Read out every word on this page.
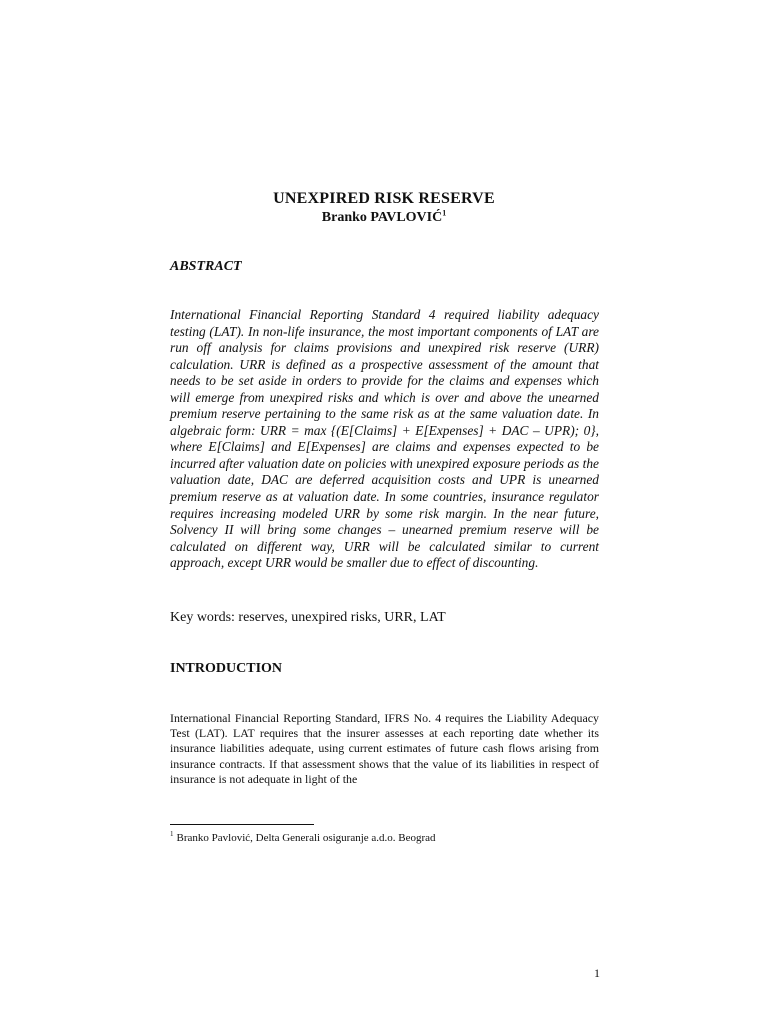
UNEXPIRED RISK RESERVE
Branko PAVLOVIĆ$^1$
ABSTRACT

International Financial Reporting Standard 4 required liability adequacy testing (LAT). In non-life insurance, the most important components of LAT are run off analysis for claims provisions and unexpired risk reserve (URR) calculation. URR is defined as a prospective assessment of the amount that needs to be set aside in orders to provide for the claims and expenses which will emerge from unexpired risks and which is over and above the unearned premium reserve pertaining to the same risk as at the same valuation date. In algebraic form: URR = max {(E[Claims] + E[Expenses] + DAC – UPR); 0}, where E[Claims] and E[Expenses] are claims and expenses expected to be incurred after valuation date on policies with unexpired exposure periods as the valuation date, DAC are deferred acquisition costs and UPR is unearned premium reserve as at valuation date. In some countries, insurance regulator requires increasing modeled URR by some risk margin. In the near future, Solvency II will bring some changes – unearned premium reserve will be calculated on different way, URR will be calculated similar to current approach, except URR would be smaller due to effect of discounting.

Key words: reserves, unexpired risks, URR, LAT
INTRODUCTION

International Financial Reporting Standard, IFRS No. 4 requires the Liability Adequacy Test (LAT). LAT requires that the insurer assesses at each reporting date whether its insurance liabilities adequate, using current estimates of future cash flows arising from insurance contracts. If that assessment shows that the value of its liabilities in respect of insurance is not adequate in light of the

$^1$ Branko Pavlović, Delta Generali osiguranje a.d.o. Beograd
1
